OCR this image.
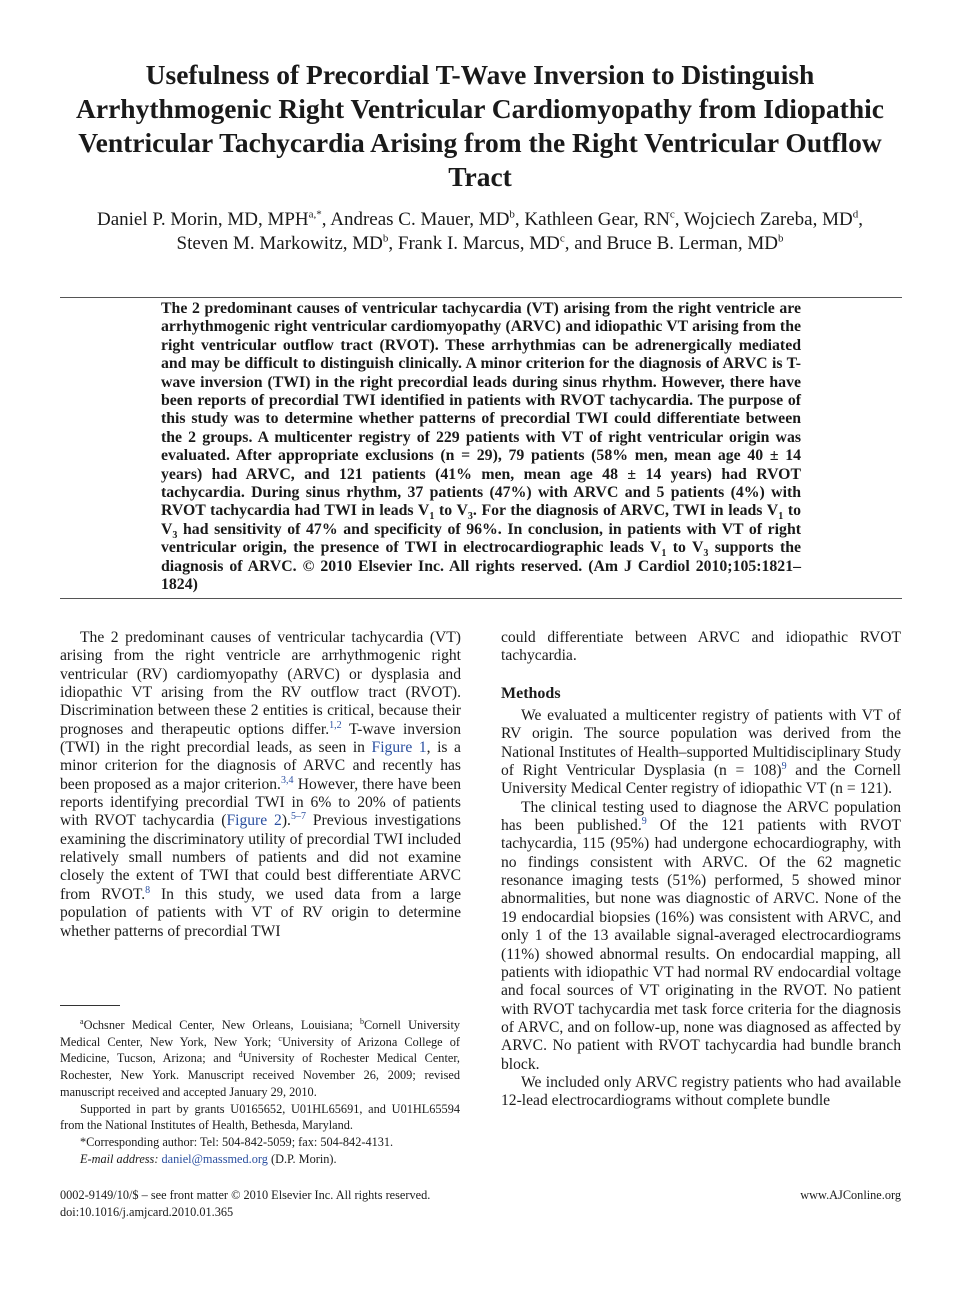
Usefulness of Precordial T-Wave Inversion to Distinguish Arrhythmogenic Right Ventricular Cardiomyopathy from Idiopathic Ventricular Tachycardia Arising from the Right Ventricular Outflow Tract
Daniel P. Morin, MD, $MPH^{a,*}$, Andreas C. Mauer, $MD^b$, Kathleen Gear, $RN^c$, Wojciech Zareba, $MD^d$, Steven M. Markowitz, $MD^b$, Frank I. Marcus, $MD^c$, and Bruce B. Lerman, $MD^b$

The 2 predominant causes of ventricular tachycardia (VT) arising from the right ventricle are arrhythmogenic right ventricular cardiomyopathy (ARVC) and idiopathic VT arising from the right ventricular outflow tract (RVOT). These arrhythmias can be adrenergically mediated and may be difficult to distinguish clinically. A minor criterion for the diagnosis of ARVC is T-wave inversion (TWI) in the right precordial leads during sinus rhythm. However, there have been reports of precordial TWI identified in patients with RVOT tachycardia. The purpose of this study was to determine whether patterns of precordial TWI could differentiate between the 2 groups. A multicenter registry of 229 patients with VT of right ventricular origin was evaluated. After appropriate exclusions (n = 29), 79 patients (58% men, mean age 40 ± 14 years) had ARVC, and 121 patients (41% men, mean age 48 ± 14 years) had RVOT tachycardia. During sinus rhythm, 37 patients (47%) with ARVC and 5 patients (4%) with RVOT tachycardia had TWI in leads $V_1$ to $V_3$. For the diagnosis of ARVC, TWI in leads $V_1$ to $V_3$ had sensitivity of 47% and specificity of 96%. In conclusion, in patients with VT of right ventricular origin, the presence of TWI in electrocardiographic leads $V_1$ to $V_3$ supports the diagnosis of ARVC. © 2010 Elsevier Inc. All rights reserved. (Am J Cardiol 2010;105:1821–1824)

The 2 predominant causes of ventricular tachycardia (VT) arising from the right ventricle are arrhythmogenic right ventricular (RV) cardiomyopathy (ARVC) or dysplasia and idiopathic VT arising from the RV outflow tract (RVOT). Discrimination between these 2 entities is critical, because their prognoses and therapeutic options differ.$^{1,2}$ T-wave inversion (TWI) in the right precordial leads, as seen in Figure 1, is a minor criterion for the diagnosis of ARVC and recently has been proposed as a major criterion.$^{3,4}$ However, there have been reports identifying precordial TWI in 6% to 20% of patients with RVOT tachycardia (Figure 2).$^{5-7}$ Previous investigations examining the discriminatory utility of precordial TWI included relatively small numbers of patients and did not examine closely the extent of TWI that could best differentiate ARVC from RVOT.$^8$ In this study, we used data from a large population of patients with VT of RV origin to determine whether patterns of precordial TWI

could differentiate between ARVC and idiopathic RVOT tachycardia.

Methods

We evaluated a multicenter registry of patients with VT of RV origin. The source population was derived from the National Institutes of Health–supported Multidisciplinary Study of Right Ventricular Dysplasia (n = 108)$^9$ and the Cornell University Medical Center registry of idiopathic VT (n = 121).

The clinical testing used to diagnose the ARVC population has been published.$^9$ Of the 121 patients with RVOT tachycardia, 115 (95%) had undergone echocardiography, with no findings consistent with ARVC. Of the 62 magnetic resonance imaging tests (51%) performed, 5 showed minor abnormalities, but none was diagnostic of ARVC. None of the 19 endocardial biopsies (16%) was consistent with ARVC, and only 1 of the 13 available signal-averaged electrocardiograms (11%) showed abnormal results. On endocardial mapping, all patients with idiopathic VT had normal RV endocardial voltage and focal sources of VT originating in the RVOT. No patient with RVOT tachycardia met task force criteria for the diagnosis of ARVC, and on follow-up, none was diagnosed as affected by ARVC. No patient with RVOT tachycardia had bundle branch block.

We included only ARVC registry patients who had available 12-lead electrocardiograms without complete bundle

$^a$Ochsner Medical Center, New Orleans, Louisiana; $^b$Cornell University Medical Center, New York, New York; $^c$University of Arizona College of Medicine, Tucson, Arizona; and $^d$University of Rochester Medical Center, Rochester, New York. Manuscript received November 26, 2009; revised manuscript received and accepted January 29, 2010.

Supported in part by grants U0165652, U01HL65691, and U01HL65594 from the National Institutes of Health, Bethesda, Maryland.

*Corresponding author: Tel: 504-842-5059; fax: 504-842-4131.

E-mail address: daniel@massmed.org (D.P. Morin).

0002-9149/10/$ – see front matter © 2010 Elsevier Inc. All rights reserved.
doi:10.1016/j.amjcard.2010.01.365
www.AJConline.org
